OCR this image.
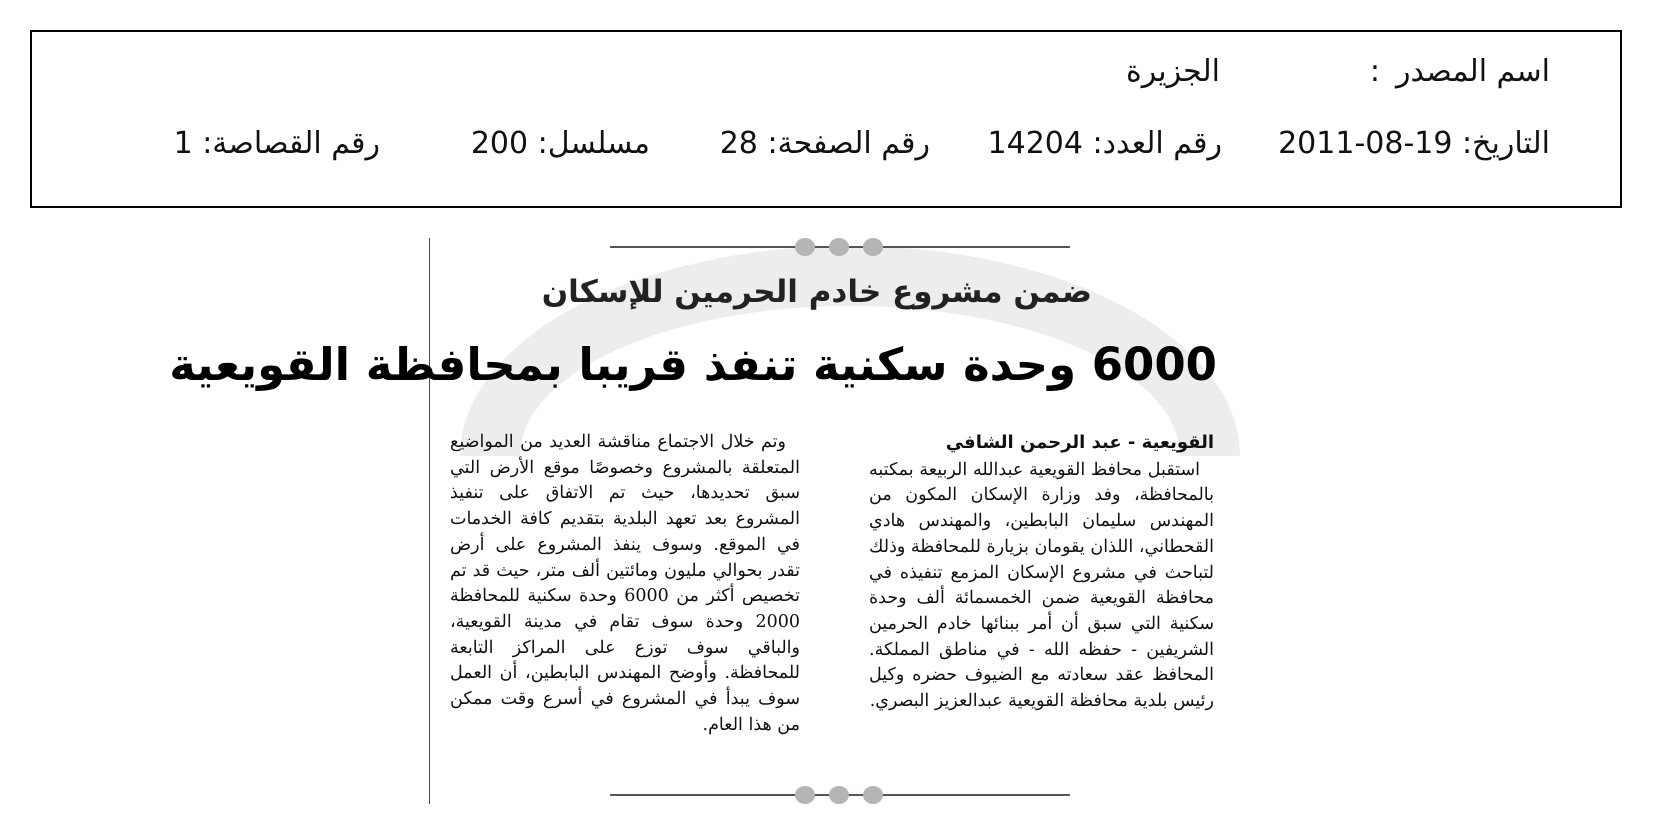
اسم المصدر
:
الجزيرة
التاريخ: 19-08-2011
رقم العدد: 14204
رقم الصفحة: 28
مسلسل: 200
رقم القصاصة: 1
ضمن مشروع خادم الحرمين للإسكان
6000 وحدة سكنية تنفذ قريبا بمحافظة القويعية
القويعية - عبد الرحمن الشافي
استقبل محافظ القويعية عبدالله الربيعة بمكتبه بالمحافظة، وفد وزارة الإسكان المكون من المهندس سليمان البابطين، والمهندس هادي القحطاني، اللذان يقومان بزيارة للمحافظة وذلك لتباحث في مشروع الإسكان المزمع تنفيذه في محافظة القويعية ضمن الخمسمائة ألف وحدة سكنية التي سبق أن أمر ببنائها خادم الحرمين الشريفين - حفظه الله - في مناطق المملكة. المحافظ عقد سعادته مع الضيوف حضره وكيل رئيس بلدية محافظة القويعية عبدالعزيز البصري.
وتم خلال الاجتماع مناقشة العديد من المواضيع المتعلقة بالمشروع وخصوصًا موقع الأرض التي سبق تحديدها، حيث تم الاتفاق على تنفيذ المشروع بعد تعهد البلدية بتقديم كافة الخدمات في الموقع. وسوف ينفذ المشروع على أرض تقدر بحوالي مليون ومائتين ألف متر، حيث قد تم تخصيص أكثر من 6000 وحدة سكنية للمحافظة 2000 وحدة سوف تقام في مدينة القويعية، والباقي سوف توزع على المراكز التابعة للمحافظة. وأوضح المهندس البابطين، أن العمل سوف يبدأ في المشروع في أسرع وقت ممكن من هذا العام.
